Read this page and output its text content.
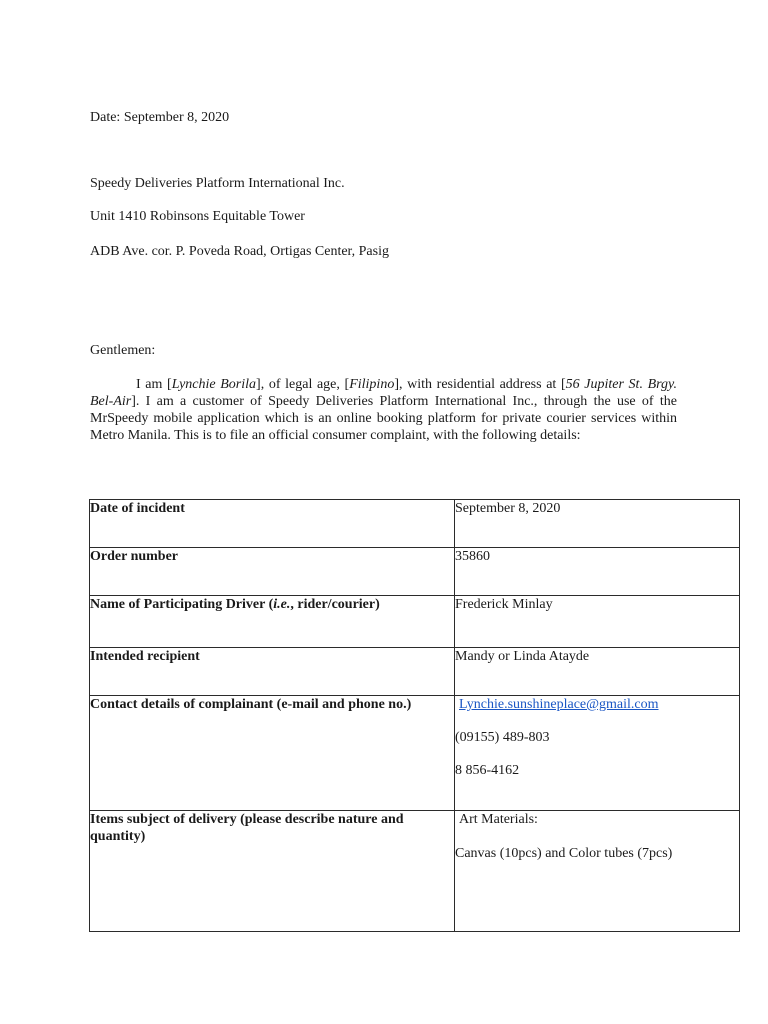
Date: September 8, 2020
Speedy Deliveries Platform International Inc.
Unit 1410 Robinsons Equitable Tower
ADB Ave. cor. P. Poveda Road, Ortigas Center, Pasig
Gentlemen:
I am [Lynchie Borila], of legal age, [Filipino], with residential address at [56 Jupiter St. Brgy. Bel-Air]. I am a customer of Speedy Deliveries Platform International Inc., through the use of the MrSpeedy mobile application which is an online booking platform for private courier services within Metro Manila. This is to file an official consumer complaint, with the following details:
Date of incident	September 8, 2020
Order number	35860
Name of Participating Driver (i.e., rider/courier)	Frederick Minlay
Intended recipient	Mandy or Linda Atayde
Contact details of complainant (e-mail and phone no.)	Lynchie.sunshineplace@gmail.com
(09155) 489-803
8 856-4162

Items subject of delivery (please describe nature and quantity)	Art Materials:
Canvas (10pcs) and Color tubes (7pcs)
